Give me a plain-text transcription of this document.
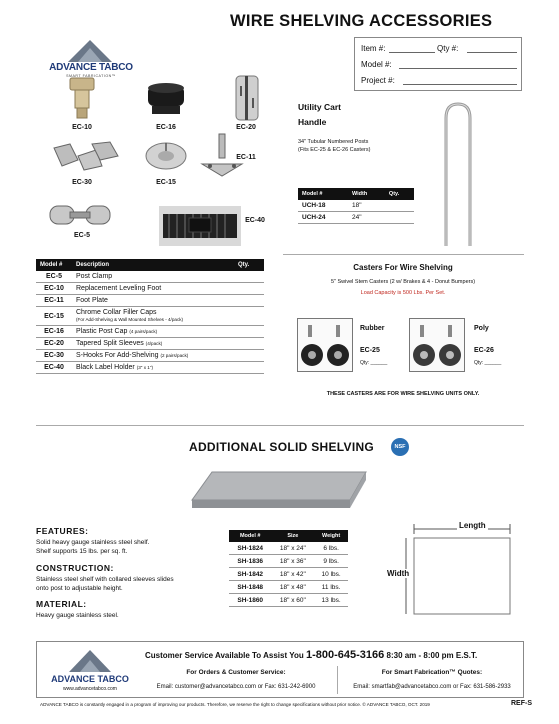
ADVANCE TABCO
SMART FABRICATION™
WIRE SHELVING ACCESSORIES
Item #:	Qty #:
Model #:
Project #:
EC-10	EC-16	EC-20
EC-30	EC-15
EC-11
EC-5
EC-40
Model #	Description	Qty.
EC-5	Post Clamp	
EC-10	Replacement Leveling Foot	
EC-11	Foot Plate	
EC-15	Chrome Collar Filler Caps
(For Add-Shelving & Wall Mounted Shelves - 4/pack)	
EC-16	Plastic Post Cap (4 pairs/pack)	
EC-20	Tapered Split Sleeves (4/pack)	
EC-30	S-Hooks For Add-Shelving (2 pairs/pack)	
EC-40	Black Label Holder (3" x 1")	
Utility Cart
Handle
34" Tubular Numbered Posts
(Fits EC-25 & EC-26 Casters)
Model #	Width	Qty.
UCH-18	18"	
UCH-24	24"	
Casters For Wire Shelving
5" Swivel Stem Casters (2 w/ Brakes & 4 - Donut Bumpers)
Load Capacity is 500 Lbs. Per Set.
Rubber
EC-25
Qty: ______
Poly
EC-26
Qty: ______
THESE CASTERS ARE FOR WIRE SHELVING UNITS ONLY.
ADDITIONAL SOLID SHELVING	NSF
FEATURES:
Solid heavy gauge stainless steel shelf.
Shelf supports 15 lbs. per sq. ft.
CONSTRUCTION:
Stainless steel shelf with collared sleeves slides
onto post to adjustable height.
MATERIAL:
Heavy gauge stainless steel.
Model #	Size	Weight
SH-1824	18" x 24"	6 lbs.
SH-1836	18" x 36"	9 lbs.
SH-1842	18" x 42"	10 lbs.
SH-1848	18" x 48"	11 lbs.
SH-1860	18" x 60"	13 lbs.
Length
Width
ADVANCE TABCO
www.advancetabco.com
Customer Service Available To Assist You 1-800-645-3166 8:30 am - 8:00 pm E.S.T.
For Orders & Customer Service:
Email: customer@advancetabco.com or Fax: 631-242-6900
For Smart Fabrication™ Quotes:
Email: smartfab@advancetabco.com or Fax: 631-586-2933
ADVANCE TABCO is constantly engaged in a program of improving our products. Therefore, we reserve the right to change specifications without prior notice. © ADVANCE TABCO, OCT. 2019	REF-S
